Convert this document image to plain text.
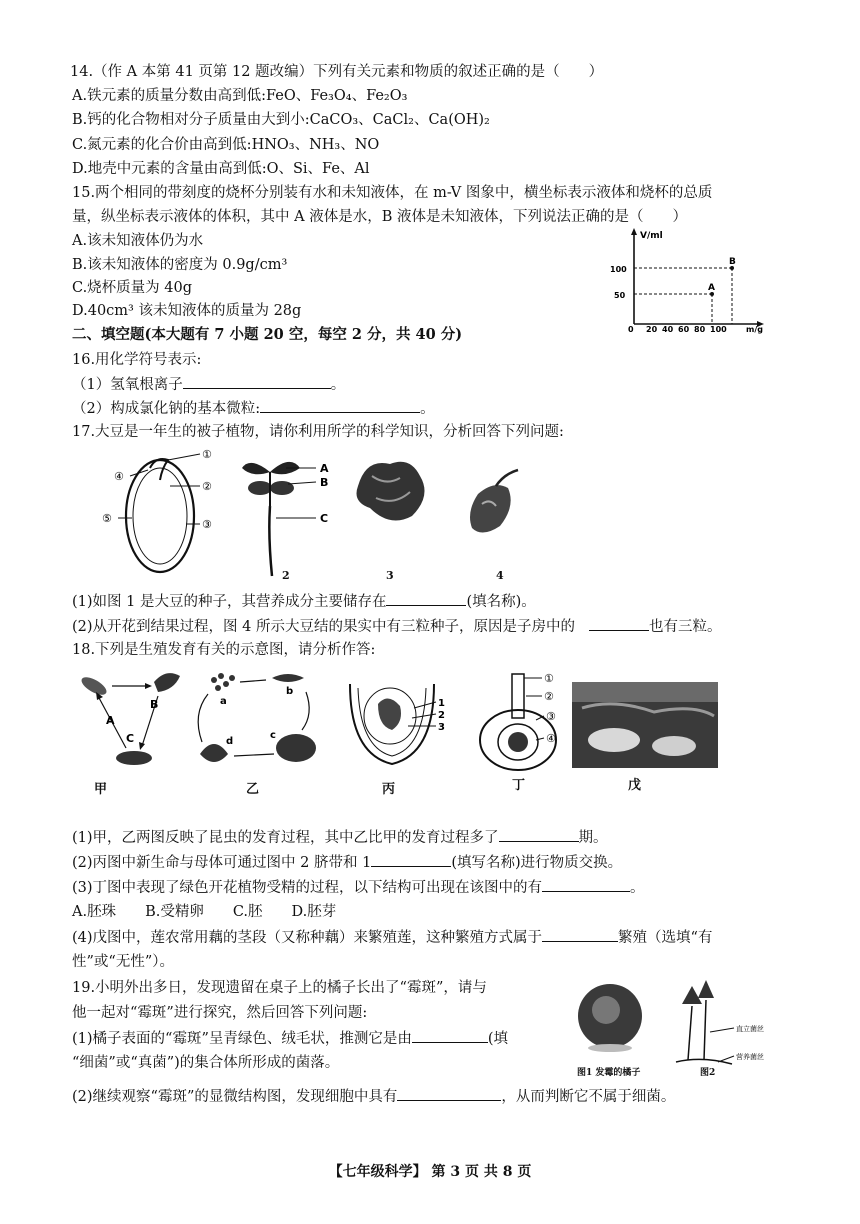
14.（作 A 本第 41 页第 12 题改编）下列有关元素和物质的叙述正确的是（　　）
A.铁元素的质量分数由高到低:FeO、Fe₃O₄、Fe₂O₃
B.钙的化合物相对分子质量由大到小:CaCO₃、CaCl₂、Ca(OH)₂
C.氮元素的化合价由高到低:HNO₃、NH₃、NO
D.地壳中元素的含量由高到低:O、Si、Fe、Al
15.两个相同的带刻度的烧杯分别装有水和未知液体，在 m-V 图象中，横坐标表示液体和烧杯的总质
量，纵坐标表示液体的体积，其中 A 液体是水，B 液体是未知液体，下列说法正确的是（　　）
A.该未知液体仍为水
B.该未知液体的密度为 0.9g/cm³
C.烧杯质量为 40g
D.40cm³ 该未知液体的质量为 28g
V/ml
m/g
0 20 40 60 80 100
50
100
B
A
二、填空题(本大题有 7 小题 20 空，每空 2 分，共 40 分)
16.用化学符号表示:
（1）氢氧根离子	。
（2）构成氯化钠的基本微粒:	。
17.大豆是一年生的被子植物，请你利用所学的科学知识，分析回答下列问题:
①
②
③
④
⑤
A
B
C
2	3	4
(1)如图 1 是大豆的种子，其营养成分主要储存在	(填名称)。
(2)从开花到结果过程，图 4 所示大豆结的果实中有三粒种子，原因是子房中的	也有三粒。
18.下列是生殖发育有关的示意图，请分析作答:
A
B
C
a
b
c
d
1
2
3
①
②
③
④
甲	乙	丙	丁	戊
(1)甲，乙两图反映了昆虫的发育过程，其中乙比甲的发育过程多了	期。
(2)丙图中新生命与母体可通过图中 2 脐带和 1	(填写名称)进行物质交换。
(3)丁图中表现了绿色开花植物受精的过程，以下结构可出现在该图中的有	。
A.胚珠　　B.受精卵　　C.胚　　D.胚芽
(4)戊图中，莲农常用藕的茎段（又称种藕）来繁殖莲，这种繁殖方式属于	繁殖（选填“有
性”或“无性”）。
19.小明外出多日，发现遗留在桌子上的橘子长出了“霉斑”，请与
他一起对“霉斑”进行探究，然后回答下列问题:
(1)橘子表面的“霉斑”呈青绿色、绒毛状，推测它是由	(填
“细菌”或“真菌”)的集合体所形成的菌落。
(2)继续观察“霉斑”的显微结构图，发现细胞中具有	，从而判断它不属于细菌。
直立菌丝
营养菌丝
图1 发霉的橘子	图2
【七年级科学】 第 3 页 共 8 页
